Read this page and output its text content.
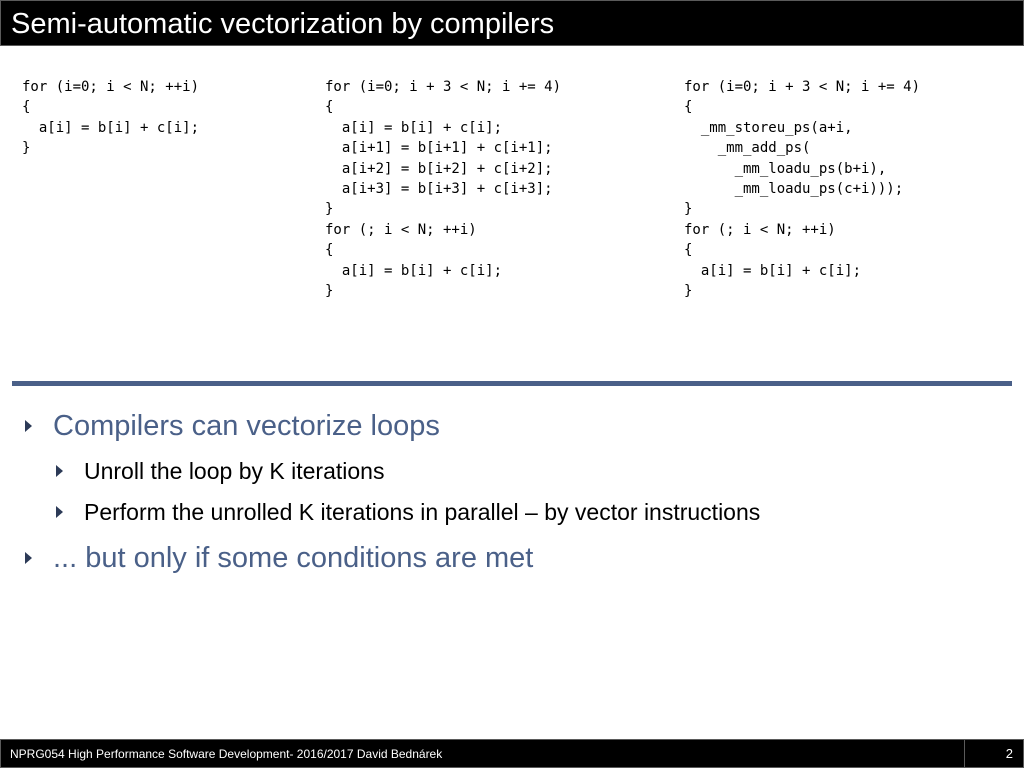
Semi-automatic vectorization by compilers
for (i=0; i < N; ++i)
{
a[i] = b[i] + c[i];
}
for (i=0; i + 3 < N; i += 4)
{
a[i] = b[i] + c[i];
a[i+1] = b[i+1] + c[i+1];
a[i+2] = b[i+2] + c[i+2];
a[i+3] = b[i+3] + c[i+3];
}
for (; i < N; ++i)
{
a[i] = b[i] + c[i];
}
for (i=0; i + 3 < N; i += 4)
{
_mm_storeu_ps(a+i,
_mm_add_ps(
_mm_loadu_ps(b+i),
_mm_loadu_ps(c+i)));
}
for (; i < N; ++i)
{
a[i] = b[i] + c[i];
}
Compilers can vectorize loops
Unroll the loop by K iterations
Perform the unrolled K iterations in parallel – by vector instructions
... but only if some conditions are met
NPRG054 High Performance Software Development- 2016/2017 David Bednárek	2
